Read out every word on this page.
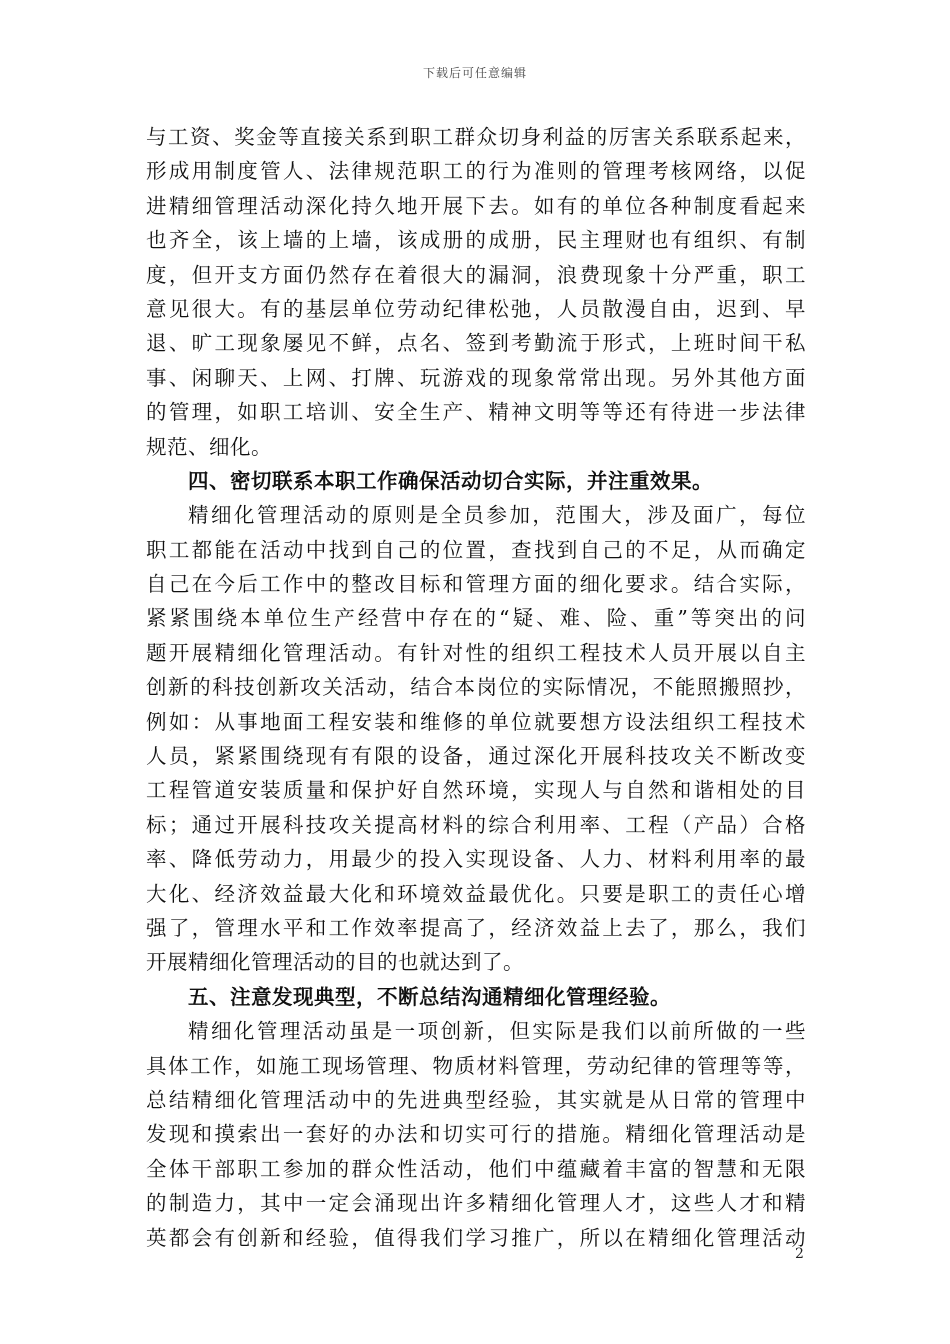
下载后可任意编辑
与工资、奖金等直接关系到职工群众切身利益的厉害关系联系起来，
形成用制度管人、法律规范职工的行为准则的管理考核网络，以促
进精细管理活动深化持久地开展下去。如有的单位各种制度看起来
也齐全，该上墙的上墙，该成册的成册，民主理财也有组织、有制
度，但开支方面仍然存在着很大的漏洞，浪费现象十分严重，职工
意见很大。有的基层单位劳动纪律松弛，人员散漫自由，迟到、早
退、旷工现象屡见不鲜，点名、签到考勤流于形式，上班时间干私
事、闲聊天、上网、打牌、玩游戏的现象常常出现。另外其他方面
的管理，如职工培训、安全生产、精神文明等等还有待进一步法律
规范、细化。
四、密切联系本职工作确保活动切合实际，并注重效果。
精细化管理活动的原则是全员参加，范围大，涉及面广，每位
职工都能在活动中找到自己的位置，查找到自己的不足，从而确定
自己在今后工作中的整改目标和管理方面的细化要求。结合实际，
紧紧围绕本单位生产经营中存在的“疑、难、险、重”等突出的问
题开展精细化管理活动。有针对性的组织工程技术人员开展以自主
创新的科技创新攻关活动，结合本岗位的实际情况，不能照搬照抄，
例如：从事地面工程安装和维修的单位就要想方设法组织工程技术
人员，紧紧围绕现有有限的设备，通过深化开展科技攻关不断改变
工程管道安装质量和保护好自然环境，实现人与自然和谐相处的目
标；通过开展科技攻关提高材料的综合利用率、工程（产品）合格
率、降低劳动力，用最少的投入实现设备、人力、材料利用率的最
大化、经济效益最大化和环境效益最优化。只要是职工的责任心增
强了，管理水平和工作效率提高了，经济效益上去了，那么，我们
开展精细化管理活动的目的也就达到了。
五、注意发现典型，不断总结沟通精细化管理经验。
精细化管理活动虽是一项创新，但实际是我们以前所做的一些
具体工作，如施工现场管理、物质材料管理，劳动纪律的管理等等，
总结精细化管理活动中的先进典型经验，其实就是从日常的管理中
发现和摸索出一套好的办法和切实可行的措施。精细化管理活动是
全体干部职工参加的群众性活动，他们中蕴藏着丰富的智慧和无限
的制造力，其中一定会涌现出许多精细化管理人才，这些人才和精
英都会有创新和经验，值得我们学习推广，所以在精细化管理活动
2
